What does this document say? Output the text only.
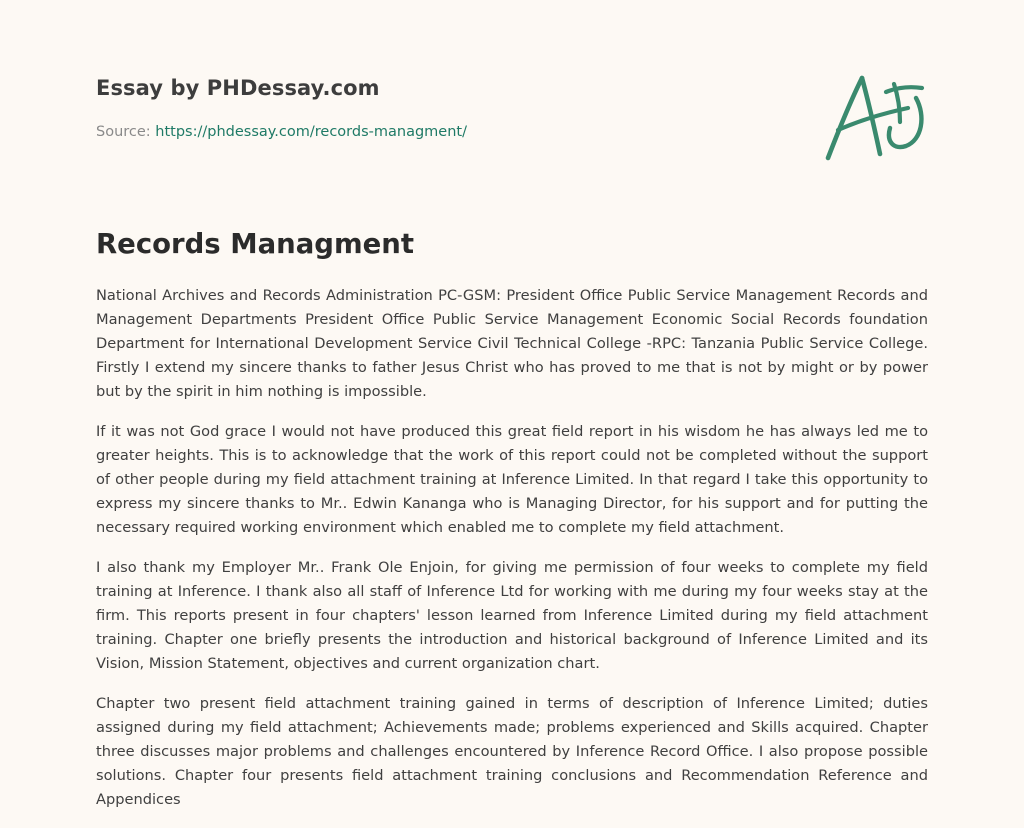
Essay by PHDessay.com
Source: https://phdessay.com/records-managment/
Records Managment

National Archives and Records Administration PC-GSM: President Office Public Service Management Records and Management Departments President Office Public Service Management Economic Social Records foundation Department for International Development Service Civil Technical College -RPC: Tanzania Public Service College. Firstly I extend my sincere thanks to father Jesus Christ who has proved to me that is not by might or by power but by the spirit in him nothing is impossible.

If it was not God grace I would not have produced this great field report in his wisdom he has always led me to greater heights. This is to acknowledge that the work of this report could not be completed without the support of other people during my field attachment training at Inference Limited. In that regard I take this opportunity to express my sincere thanks to Mr.. Edwin Kananga who is Managing Director, for his support and for putting the necessary required working environment which enabled me to complete my field attachment.

I also thank my Employer Mr.. Frank Ole Enjoin, for giving me permission of four weeks to complete my field training at Inference. I thank also all staff of Inference Ltd for working with me during my four weeks stay at the firm. This reports present in four chapters' lesson learned from Inference Limited during my field attachment training. Chapter one briefly presents the introduction and historical background of Inference Limited and its Vision, Mission Statement, objectives and current organization chart.

Chapter two present field attachment training gained in terms of description of Inference Limited; duties assigned during my field attachment; Achievements made; problems experienced and Skills acquired. Chapter three discusses major problems and challenges encountered by Inference Record Office. I also propose possible solutions. Chapter four presents field attachment training conclusions and Recommendation Reference and Appendices
